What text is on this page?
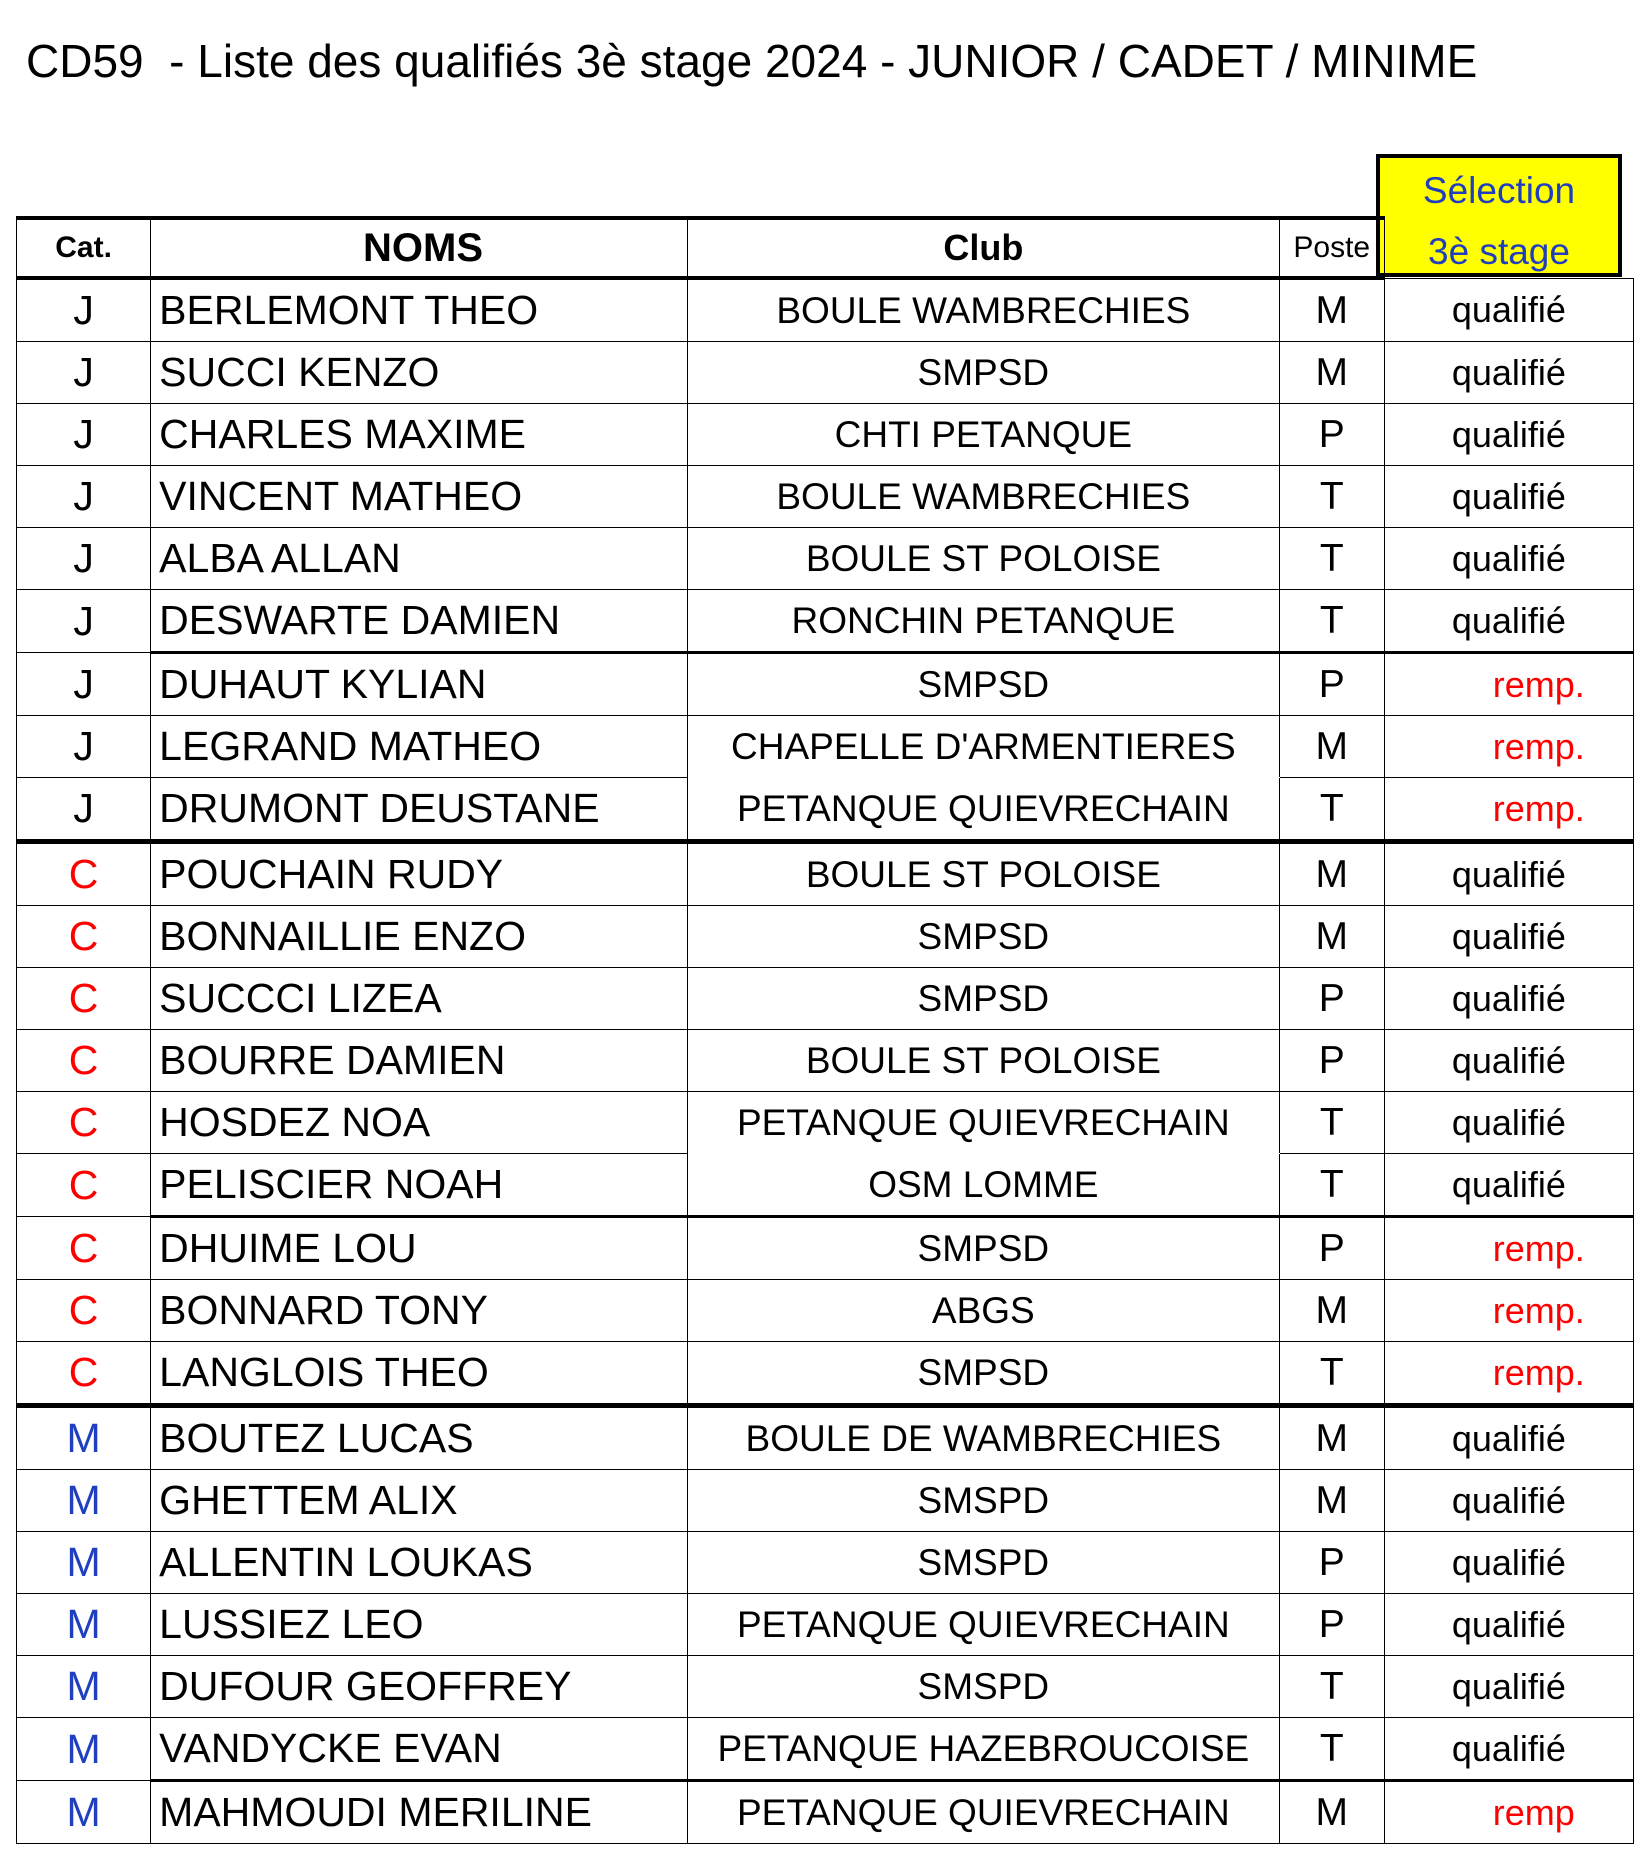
CD59  - Liste des qualifiés 3è stage 2024 - JUNIOR / CADET / MINIME
Sélection
3è stage
Cat.	NOMS	Club	Poste	
J	BERLEMONT THEO	BOULE WAMBRECHIES	M	qualifié
J	SUCCI KENZO	SMPSD	M	qualifié
J	CHARLES MAXIME	CHTI PETANQUE	P	qualifié
J	VINCENT MATHEO	BOULE WAMBRECHIES	T	qualifié
J	ALBA ALLAN	BOULE ST POLOISE	T	qualifié
J	DESWARTE DAMIEN	RONCHIN PETANQUE	T	qualifié
J	DUHAUT KYLIAN	SMPSD	P	remp.
J	LEGRAND MATHEO	CHAPELLE D'ARMENTIERES	M	remp.
J	DRUMONT DEUSTANE	PETANQUE QUIEVRECHAIN	T	remp.
C	POUCHAIN RUDY	BOULE ST POLOISE	M	qualifié
C	BONNAILLIE ENZO	SMPSD	M	qualifié
C	SUCCCI LIZEA	SMPSD	P	qualifié
C	BOURRE DAMIEN	BOULE ST POLOISE	P	qualifié
C	HOSDEZ NOA	PETANQUE QUIEVRECHAIN	T	qualifié
C	PELISCIER NOAH	OSM LOMME	T	qualifié
C	DHUIME LOU	SMPSD	P	remp.
C	BONNARD TONY	ABGS	M	remp.
C	LANGLOIS THEO	SMPSD	T	remp.
M	BOUTEZ LUCAS	BOULE DE WAMBRECHIES	M	qualifié
M	GHETTEM ALIX	SMSPD	M	qualifié
M	ALLENTIN LOUKAS	SMSPD	P	qualifié
M	LUSSIEZ LEO	PETANQUE QUIEVRECHAIN	P	qualifié
M	DUFOUR GEOFFREY	SMSPD	T	qualifié
M	VANDYCKE EVAN	PETANQUE HAZEBROUCOISE	T	qualifié
M	MAHMOUDI MERILINE	PETANQUE QUIEVRECHAIN	M	remp
